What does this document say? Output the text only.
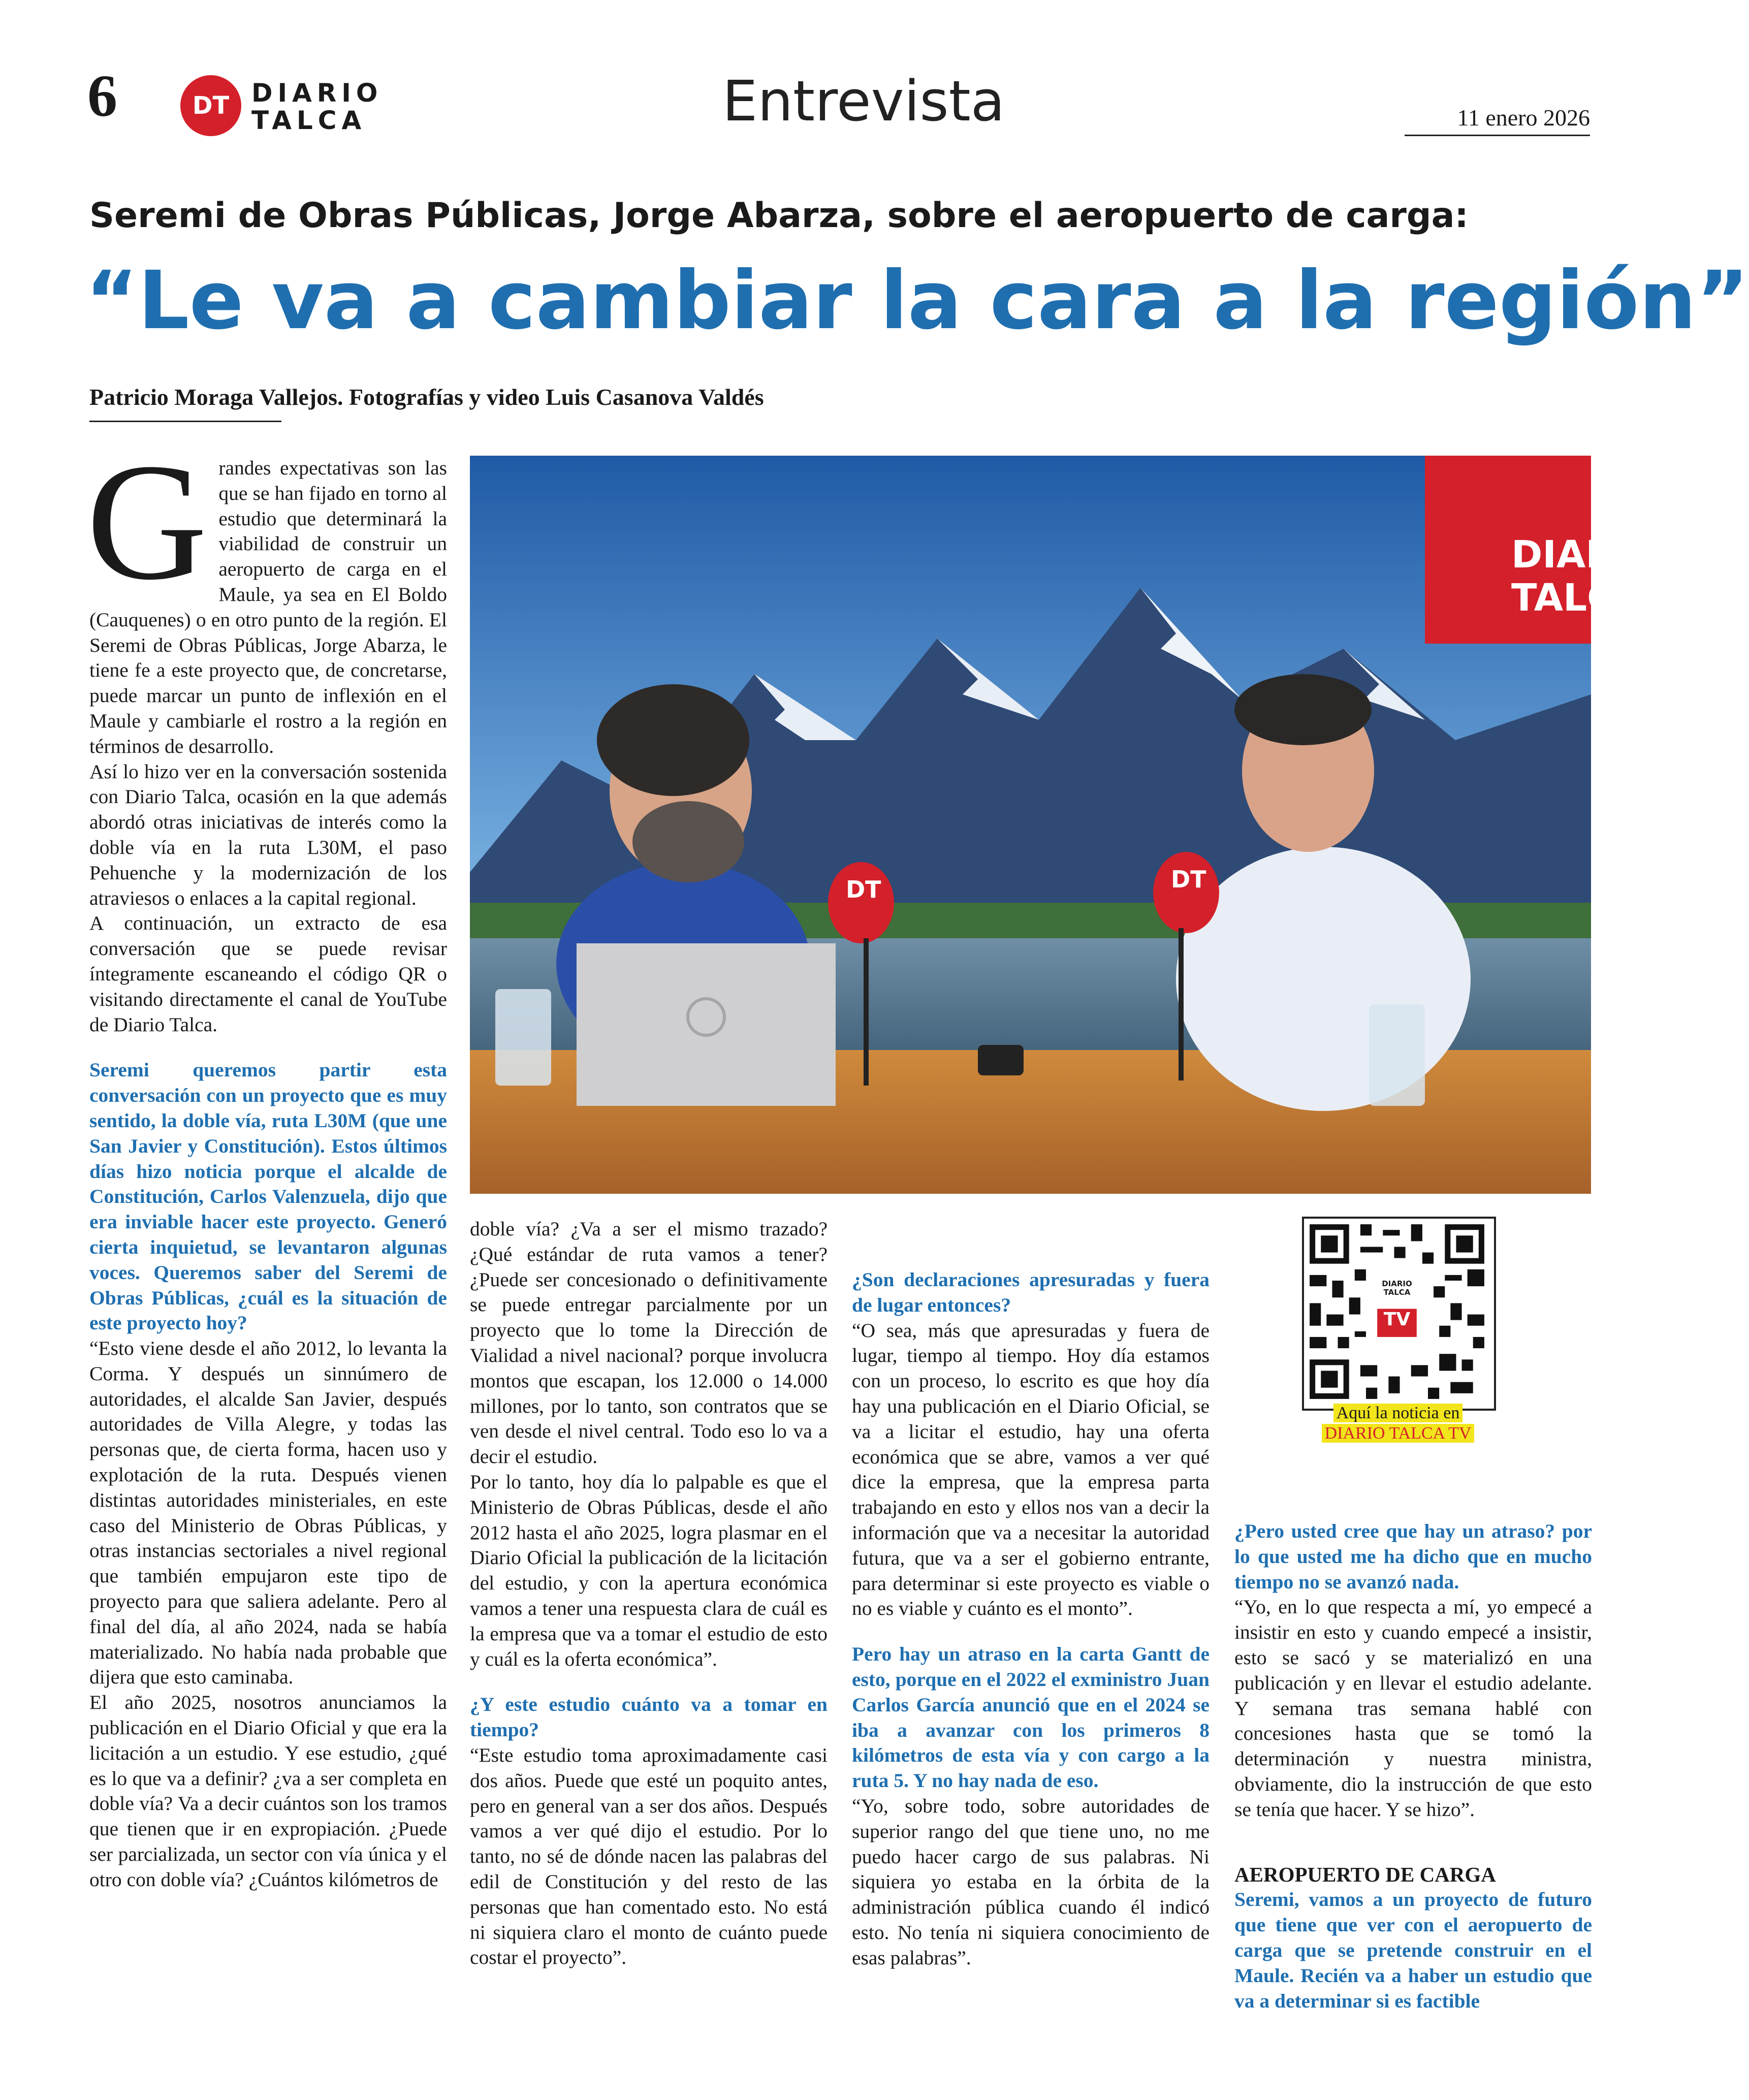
6	DT DIARIO
TALCA	Entrevista	11 enero 2026
Seremi de Obras Públicas, Jorge Abarza, sobre el aeropuerto de carga:
“Le va a cambiar la cara a la región”
Patricio Moraga Vallejos. Fotografías y video Luis Casanova Valdés

Grandes expectativas son las que se han fijado en torno al estudio que determinará la viabilidad de construir un aeropuerto de carga en el Maule, ya sea en El Boldo (Cauquenes) o en otro punto de la región. El Seremi de Obras Públicas, Jorge Abarza, le tiene fe a este proyecto que, de concretarse, puede marcar un punto de inflexión en el Maule y cambiarle el rostro a la región en términos de desarrollo.

Así lo hizo ver en la conversación sostenida con Diario Talca, ocasión en la que además abordó otras iniciativas de interés como la doble vía en la ruta L30M, el paso Pehuenche y la modernización de los atraviesos o enlaces a la capital regional.

A continuación, un extracto de esa conversación que se puede revisar íntegramente escaneando el código QR o visitando directamente el canal de YouTube de Diario Talca.

Seremi queremos partir esta conversación con un proyecto que es muy sentido, la doble vía, ruta L30M (que une San Javier y Constitución). Estos últimos días hizo noticia porque el alcalde de Constitución, Carlos Valenzuela, dijo que era inviable hacer este proyecto. Generó cierta inquietud, se levantaron algunas voces. Queremos saber del Seremi de Obras Públicas, ¿cuál es la situación de este proyecto hoy?

“Esto viene desde el año 2012, lo levanta la Corma. Y después un sinnúmero de autoridades, el alcalde San Javier, después autoridades de Villa Alegre, y todas las personas que, de cierta forma, hacen uso y explotación de la ruta. Después vienen distintas autoridades ministeriales, en este caso del Ministerio de Obras Públicas, y otras instancias sectoriales a nivel regional que también empujaron este tipo de proyecto para que saliera adelante. Pero al final del día, al año 2024, nada se había materializado. No había nada probable que dijera que esto caminaba.

El año 2025, nosotros anunciamos la publicación en el Diario Oficial y que era la licitación a un estudio. Y ese estudio, ¿qué es lo que va a definir? ¿va a ser completa en doble vía? Va a decir cuántos son los tramos que tienen que ir en expropiación. ¿Puede ser parcializada, un sector con vía única y el otro con doble vía? ¿Cuántos kilómetros de

DIARIO
TALCA
DT	DT

doble vía? ¿Va a ser el mismo trazado? ¿Qué estándar de ruta vamos a tener? ¿Puede ser concesionado o definitivamente se puede entregar parcialmente por un proyecto que lo tome la Dirección de Vialidad a nivel nacional? porque involucra montos que escapan, los 12.000 o 14.000 millones, por lo tanto, son contratos que se ven desde el nivel central. Todo eso lo va a decir el estudio.

Por lo tanto, hoy día lo palpable es que el Ministerio de Obras Públicas, desde el año 2012 hasta el año 2025, logra plasmar en el Diario Oficial la publicación de la licitación del estudio, y con la apertura económica vamos a tener una respuesta clara de cuál es la empresa que va a tomar el estudio de esto y cuál es la oferta económica”.

¿Y este estudio cuánto va a tomar en tiempo?

“Este estudio toma aproximadamente casi dos años. Puede que esté un poquito antes, pero en general van a ser dos años. Después vamos a ver qué dijo el estudio. Por lo tanto, no sé de dónde nacen las palabras del edil de Constitución y del resto de las personas que han comentado esto. No está ni siquiera claro el monto de cuánto puede costar el proyecto”.

¿Son declaraciones apresuradas y fuera de lugar entonces?

“O sea, más que apresuradas y fuera de lugar, tiempo al tiempo. Hoy día estamos con un proceso, lo escrito es que hoy día hay una publicación en el Diario Oficial, se va a licitar el estudio, hay una oferta económica que se abre, vamos a ver qué dice la empresa, que la empresa parta trabajando en esto y ellos nos van a decir la información que va a necesitar la autoridad futura, que va a ser el gobierno entrante, para determinar si este proyecto es viable o no es viable y cuánto es el monto”.

Pero hay un atraso en la carta Gantt de esto, porque en el 2022 el exministro Juan Carlos García anunció que en el 2024 se iba a avanzar con los primeros 8 kilómetros de esta vía y con cargo a la ruta 5. Y no hay nada de eso.

“Yo, sobre todo, sobre autoridades de superior rango del que tiene uno, no me puedo hacer cargo de sus palabras. Ni siquiera yo estaba en la órbita de la administración pública cuando él indicó esto. No tenía ni siquiera conocimiento de esas palabras”.

DIARIO
TALCA
TV
Aquí la noticia en
DIARIO TALCA TV

¿Pero usted cree que hay un atraso? por lo que usted me ha dicho que en mucho tiempo no se avanzó nada.

“Yo, en lo que respecta a mí, yo empecé a insistir en esto y cuando empecé a insistir, esto se sacó y se materializó en una publicación y en llevar el estudio adelante. Y semana tras semana hablé con concesiones hasta que se tomó la determinación y nuestra ministra, obviamente, dio la instrucción de que esto se tenía que hacer. Y se hizo”.

AEROPUERTO DE CARGA

Seremi, vamos a un proyecto de futuro que tiene que ver con el aeropuerto de carga que se pretende construir en el Maule. Recién va a haber un estudio que va a determinar si es factible
